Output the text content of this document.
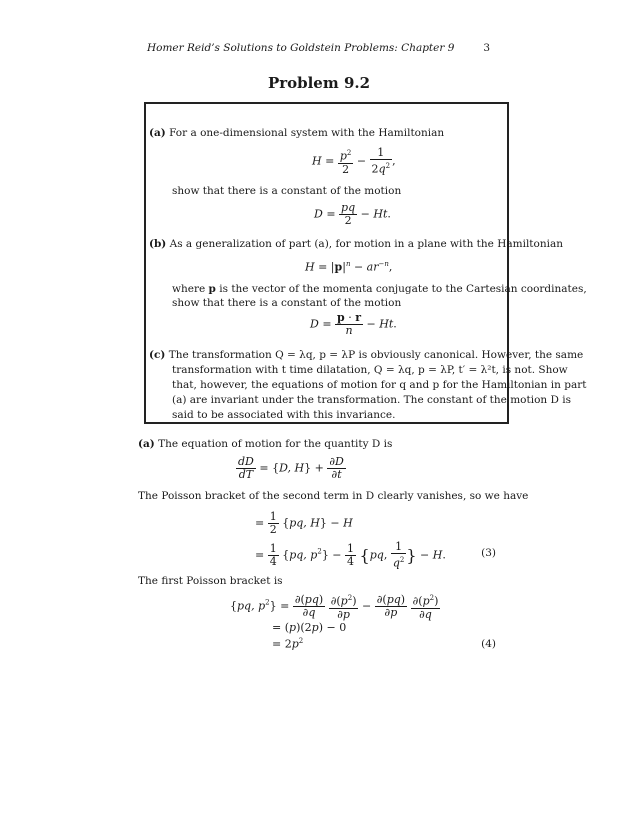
Homer Reid’s Solutions to Goldstein Problems: Chapter 9	3
Problem 9.2
(a) For a one-dimensional system with the Hamiltonian
$H = \frac{p^2}{2} - \frac{1}{2q^2}$ ,
show that there is a constant of the motion
$D = \frac{pq}{2} - Ht$.
(b) As a generalization of part (a), for motion in a plane with the Hamiltonian
$H = |p|^n - ar^{-n}$,
where p is the vector of the momenta conjugate to the Cartesian coordinates,
show that there is a constant of the motion
$D = \frac{p \cdot r}{n} - Ht$.
(c) The transformation Q = λq, p = λP is obviously canonical. However, the same
transformation with t time dilatation, Q = λq, p = λP, t′ = λ²t, is not. Show
that, however, the equations of motion for q and p for the Hamiltonian in part
(a) are invariant under the transformation. The constant of the motion D is
said to be associated with this invariance.
(a) The equation of motion for the quantity D is
$\frac{dD}{dT} = \{D$, $H\} + \frac{\partial D}{\partial t}$
The Poisson bracket of the second term in D clearly vanishes, so we have
= $\frac{1}{2} \{pq$, H} − H
= $\frac{1}{4} \{pq$, $p^2\} - \frac{1}{4} \{pq$, $\frac{1}{q^2}$ } − H.	(3)
The first Poisson bracket is
{pq, $p^2\} = \frac{\partial(pq)}{\partial q}$
$\frac{\partial(p^2)}{\partial p} - \frac{\partial(pq)}{\partial p}$
$\frac{\partial(p^2)}{\partial q}$
= (p)(2p) − 0
= $2p^2$	(4)
